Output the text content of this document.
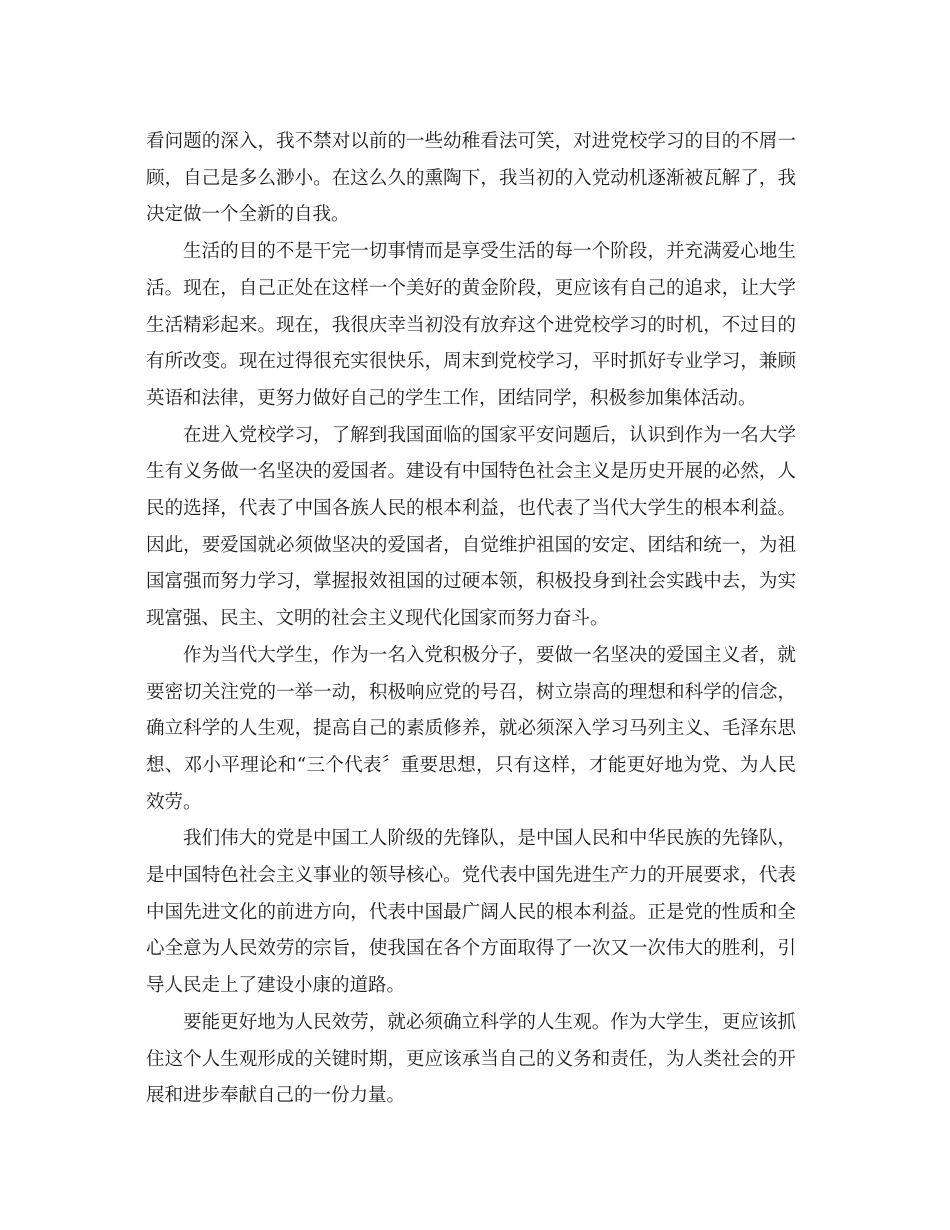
看问题的深入，我不禁对以前的一些幼稚看法可笑，对进党校学习的目的不屑一顾，自己是多么渺小。在这么久的熏陶下，我当初的入党动机逐渐被瓦解了，我决定做一个全新的自我。

生活的目的不是干完一切事情而是享受生活的每一个阶段，并充满爱心地生活。现在，自己正处在这样一个美好的黄金阶段，更应该有自己的追求，让大学生活精彩起来。现在，我很庆幸当初没有放弃这个进党校学习的时机，不过目的有所改变。现在过得很充实很快乐，周末到党校学习，平时抓好专业学习，兼顾英语和法律，更努力做好自己的学生工作，团结同学，积极参加集体活动。

在进入党校学习，了解到我国面临的国家平安问题后，认识到作为一名大学生有义务做一名坚决的爱国者。建设有中国特色社会主义是历史开展的必然，人民的选择，代表了中国各族人民的根本利益，也代表了当代大学生的根本利益。因此，要爱国就必须做坚决的爱国者，自觉维护祖国的安定、团结和统一，为祖国富强而努力学习，掌握报效祖国的过硬本领，积极投身到社会实践中去，为实现富强、民主、文明的社会主义现代化国家而努力奋斗。

作为当代大学生，作为一名入党积极分子，要做一名坚决的爱国主义者，就要密切关注党的一举一动，积极响应党的号召，树立崇高的理想和科学的信念，确立科学的人生观，提高自己的素质修养，就必须深入学习马列主义、毛泽东思想、邓小平理论和“三个代表〞重要思想，只有这样，才能更好地为党、为人民效劳。

我们伟大的党是中国工人阶级的先锋队，是中国人民和中华民族的先锋队，是中国特色社会主义事业的领导核心。党代表中国先进生产力的开展要求，代表中国先进文化的前进方向，代表中国最广阔人民的根本利益。正是党的性质和全心全意为人民效劳的宗旨，使我国在各个方面取得了一次又一次伟大的胜利，引导人民走上了建设小康的道路。

要能更好地为人民效劳，就必须确立科学的人生观。作为大学生，更应该抓住这个人生观形成的关键时期，更应该承当自己的义务和责任，为人类社会的开展和进步奉献自己的一份力量。
